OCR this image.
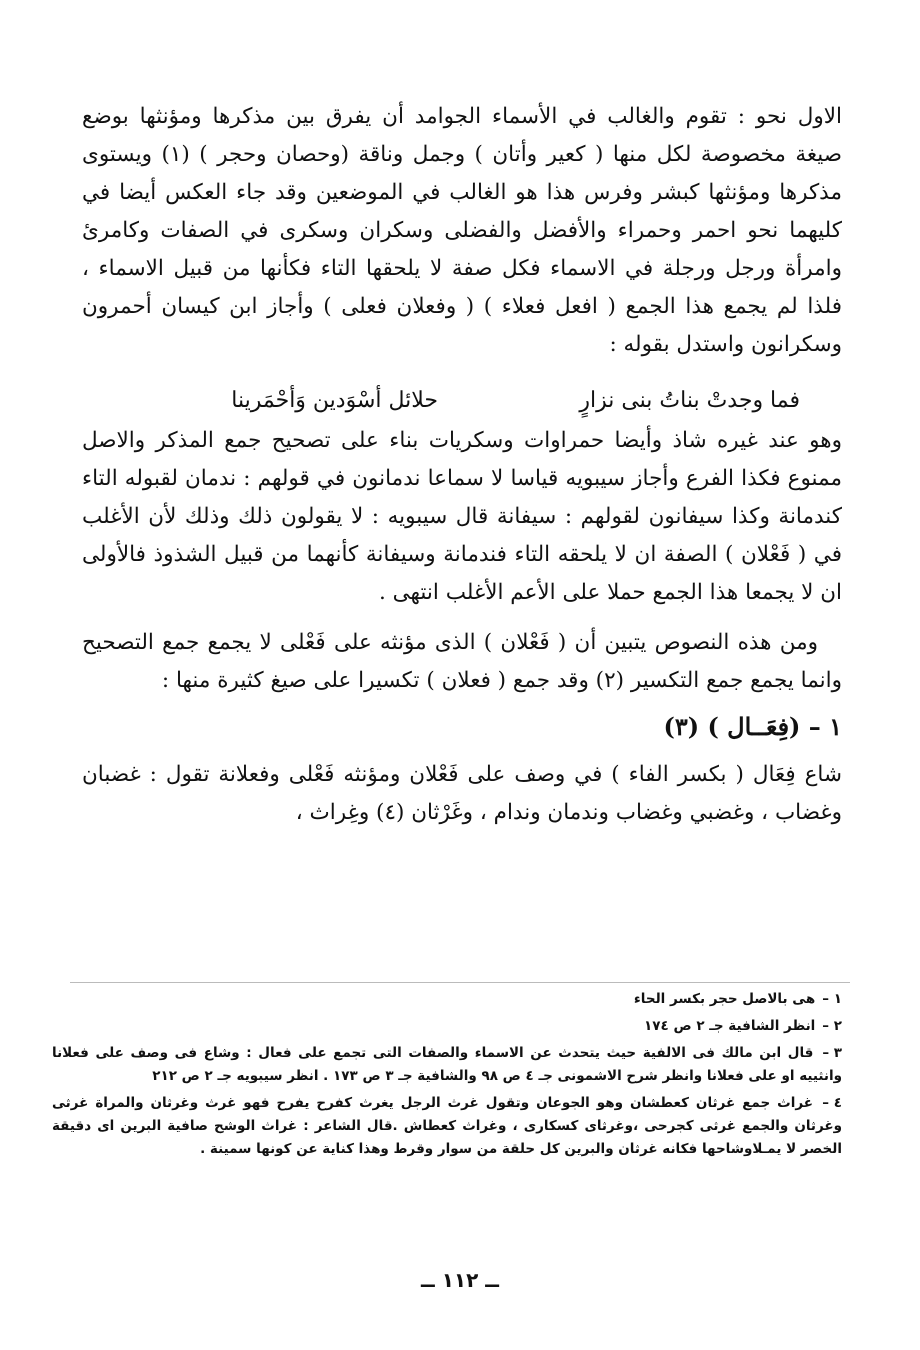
الاول نحو : تقوم والغالب في الأسماء الجوامد أن يفرق بين مذكرها ومؤنثها بوضع صيغة مخصوصة لكل منها ( كعير وأتان ) وجمل وناقة (وحصان وحجر ) (١) ويستوى مذكرها ومؤنثها كبشر وفرس هذا هو الغالب في الموضعين وقد جاء العكس أيضا في كليهما نحو احمر وحمراء والأفضل والفضلى وسكران وسكرى في الصفات وكامرئ وامرأة ورجل ورجلة في الاسماء فكل صفة لا يلحقها التاء فكأنها من قبيل الاسماء ، فلذا لم يجمع هذا الجمع ( افعل فعلاء ) ( وفعلان فعلى ) وأجاز ابن كيسان أحمرون وسكرانون واستدل بقوله :

فما وجدتْ بناتُ بنى نزارٍ
حلائل أسْوَدين وَأحْمَرينا

وهو عند غيره شاذ وأيضا حمراوات وسكريات بناء على تصحيح جمع المذكر والاصل ممنوع فكذا الفرع وأجاز سيبويه قياسا لا سماعا ندمانون في قولهم : ندمان لقبوله التاء كندمانة وكذا سيفانون لقولهم : سيفانة قال سيبويه : لا يقولون ذلك وذلك لأن الأغلب في ( فَعْلان ) الصفة ان لا يلحقه التاء فندمانة وسيفانة كأنهما من قبيل الشذوذ فالأولى ان لا يجمعا هذا الجمع حملا على الأعم الأغلب انتهى .

ومن هذه النصوص يتبين أن ( فَعْلان ) الذى مؤنثه على فَعْلى لا يجمع جمع التصحيح وانما يجمع جمع التكسير (٢) وقد جمع ( فعلان ) تكسيرا على صيغ كثيرة منها :

١ – (فِعَــال ) (٣)

شاع فِعَال ( بكسر الفاء ) في وصف على فَعْلان ومؤنثه فَعْلى وفعلانة تقول : غضبان وغضاب ، وغضبي وغضاب وندمان وندام ، وغَرْثان (٤) وغِراث ،

١ – هى بالاصل حجر بكسر الحاء
٢ – انظر الشافية جـ ٢ ص ١٧٤
٣ – قال ابن مالك فى الالفية حيث يتحدث عن الاسماء والصفات التى تجمع على فعال : وشاع فى وصف على فعلانا وانثييه او على فعلانا وانظر شرح الاشمونى جـ ٤ ص ٩٨ والشافية جـ ٣ ص ١٧٣ . انظر سيبويه جـ ٢ ص ٢١٢
٤ – غراث جمع غرثان كعطشان وهو الجوعان وتقول غرث الرجل يغرث كفرح يفرح فهو غرث وغرثان والمراة غرثى وغرثان والجمع غرثى كجرحى ،وغرثاى كسكارى ، وغراث كعطاش .قال الشاعر : غراث الوشح صافية البرين اى دقيقة الخصر لا يمـلاوشاحها فكانه غرثان والبرين كل حلقة من سوار وقرط وهذا كناية عن كونها سمينة .
ــ ١١٢ ــ
